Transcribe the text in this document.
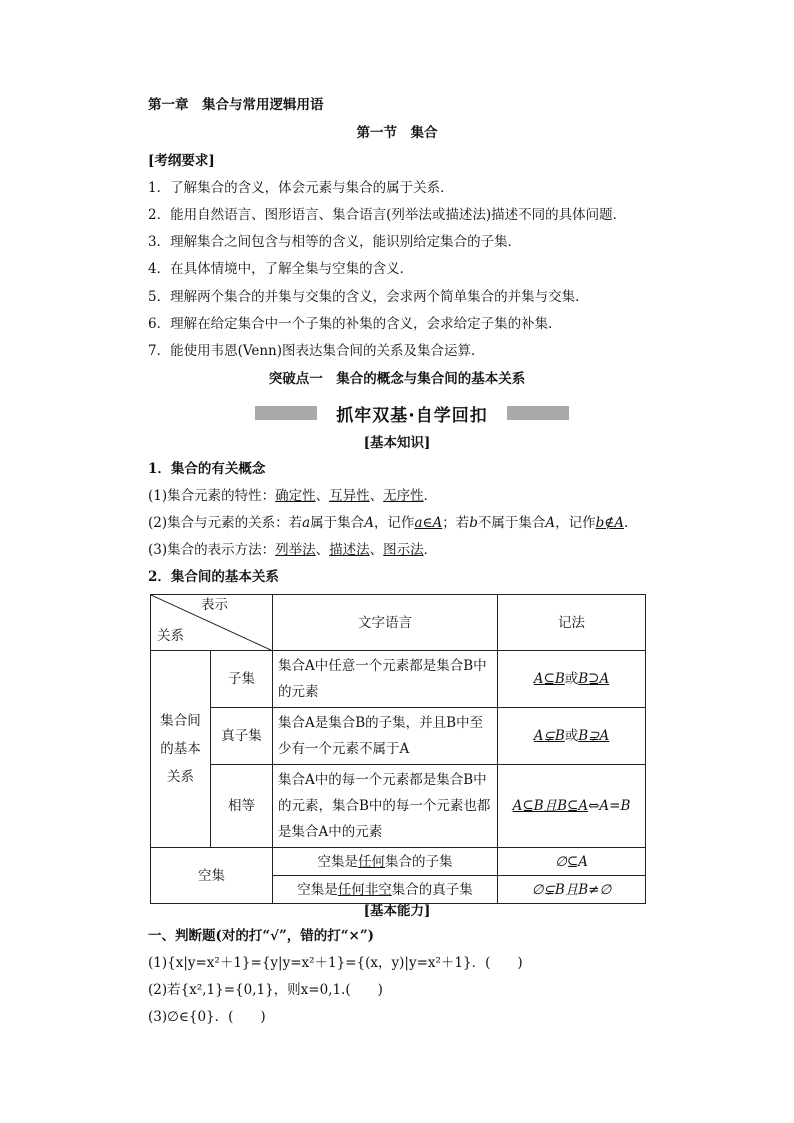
第一章　集合与常用逻辑用语
第一节　集合
[考纲要求]
1．了解集合的含义，体会元素与集合的属于关系．
2．能用自然语言、图形语言、集合语言(列举法或描述法)描述不同的具体问题．
3．理解集合之间包含与相等的含义，能识别给定集合的子集．
4．在具体情境中，了解全集与空集的含义．
5．理解两个集合的并集与交集的含义，会求两个简单集合的并集与交集．
6．理解在给定集合中一个子集的补集的含义，会求给定子集的补集．
7．能使用韦恩(Venn)图表达集合间的关系及集合运算．
突破点一　集合的概念与集合间的基本关系
抓牢双基·自学回扣
[基本知识]
1．集合的有关概念
(1)集合元素的特性：确定性、互异性、无序性．
(2)集合与元素的关系：若a属于集合A，记作a∈A；若b不属于集合A，记作b∉A.
(3)集合的表示方法：列举法、描述法、图示法．
2．集合间的基本关系
表示
关系		文字语言	记法
集合间的基本关系	子集	集合A中任意一个元素都是集合B中的元素	A⊆B或B⊇A
	真子集	集合A是集合B的子集，并且B中至少有一个元素不属于A	A⊊B或B⊋A
	相等	集合A中的每一个元素都是集合B中的元素，集合B中的每一个元素也都是集合A中的元素	A⊆B且B⊆A⇔A=B
空集		空集是任何集合的子集	∅⊆A
		空集是任何非空集合的真子集	∅⊊B且B≠∅
[基本能力]
一、判断题(对的打“√”，错的打“×”)
(1){x|y=x²＋1}={y|y=x²＋1}={(x，y)|y=x²＋1}．(　　)
(2)若{x²,1}={0,1}，则x=0,1.(　　)
(3)∅∈{0}．(　　)
